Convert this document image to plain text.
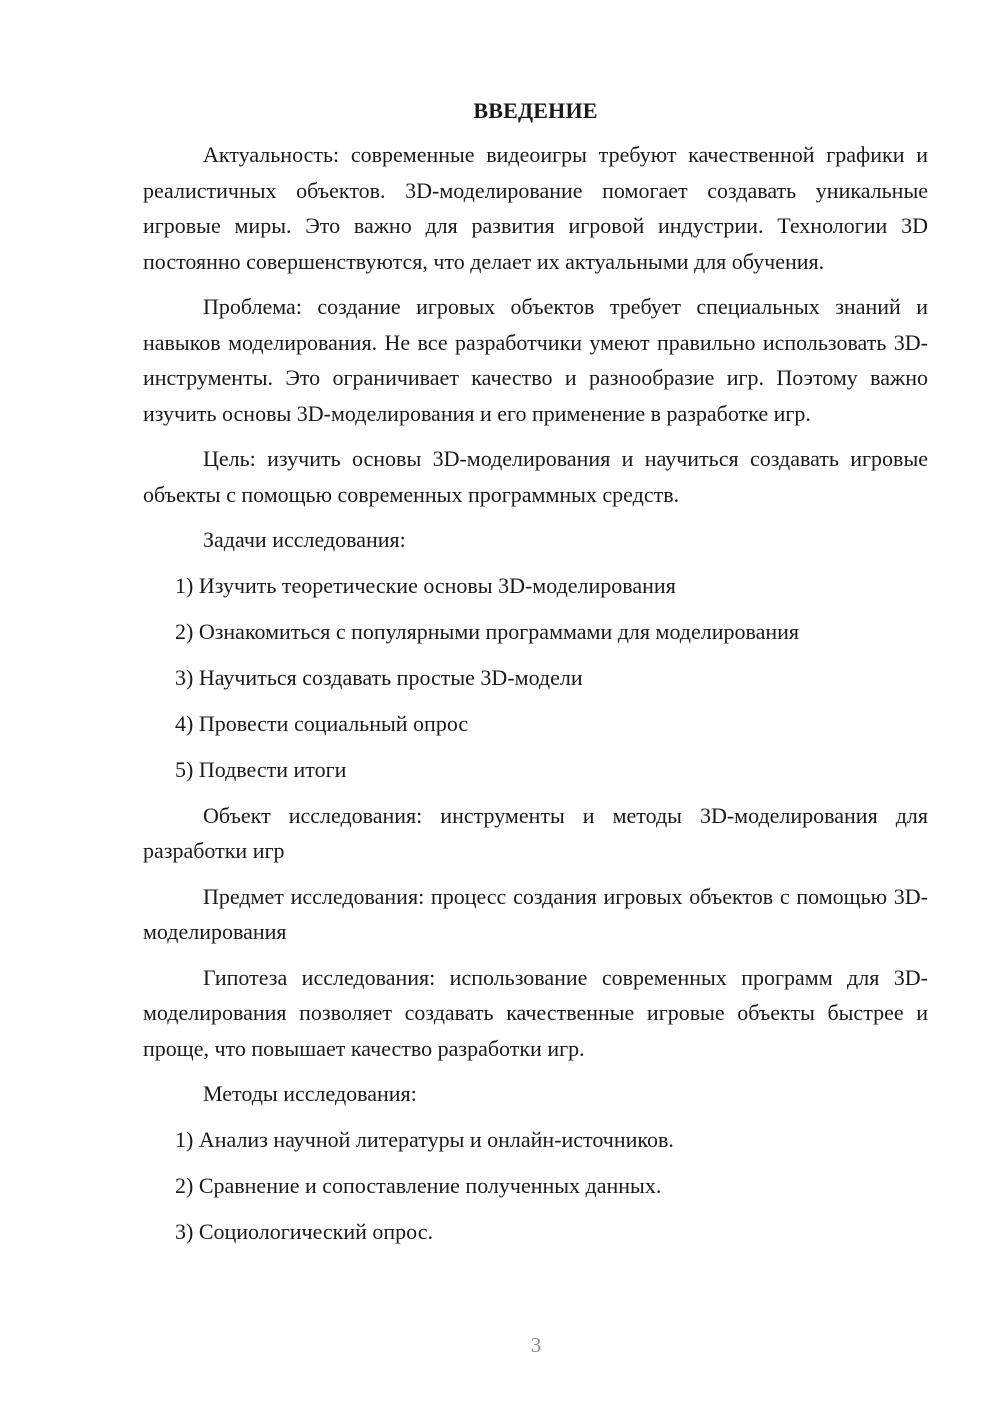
ВВЕДЕНИЕ

Актуальность: современные видеоигры требуют качественной графики и реалистичных объектов. 3D-моделирование помогает создавать уникальные игровые миры. Это важно для развития игровой индустрии. Технологии 3D постоянно совершенствуются, что делает их актуальными для обучения.

Проблема: создание игровых объектов требует специальных знаний и навыков моделирования. Не все разработчики умеют правильно использовать 3D-инструменты. Это ограничивает качество и разнообразие игр. Поэтому важно изучить основы 3D-моделирования и его применение в разработке игр.

Цель: изучить основы 3D-моделирования и научиться создавать игровые объекты с помощью современных программных средств.

Задачи исследования:
1) Изучить теоретические основы 3D-моделирования
2) Ознакомиться с популярными программами для моделирования
3) Научиться создавать простые 3D-модели
4) Провести социальный опрос
5) Подвести итоги

Объект исследования: инструменты и методы 3D-моделирования для разработки игр

Предмет исследования: процесс создания игровых объектов с помощью 3D-моделирования

Гипотеза исследования: использование современных программ для 3D-моделирования позволяет создавать качественные игровые объекты быстрее и проще, что повышает качество разработки игр.

Методы исследования:
1) Анализ научной литературы и онлайн-источников.
2) Сравнение и сопоставление полученных данных.
3) Социологический опрос.
3
